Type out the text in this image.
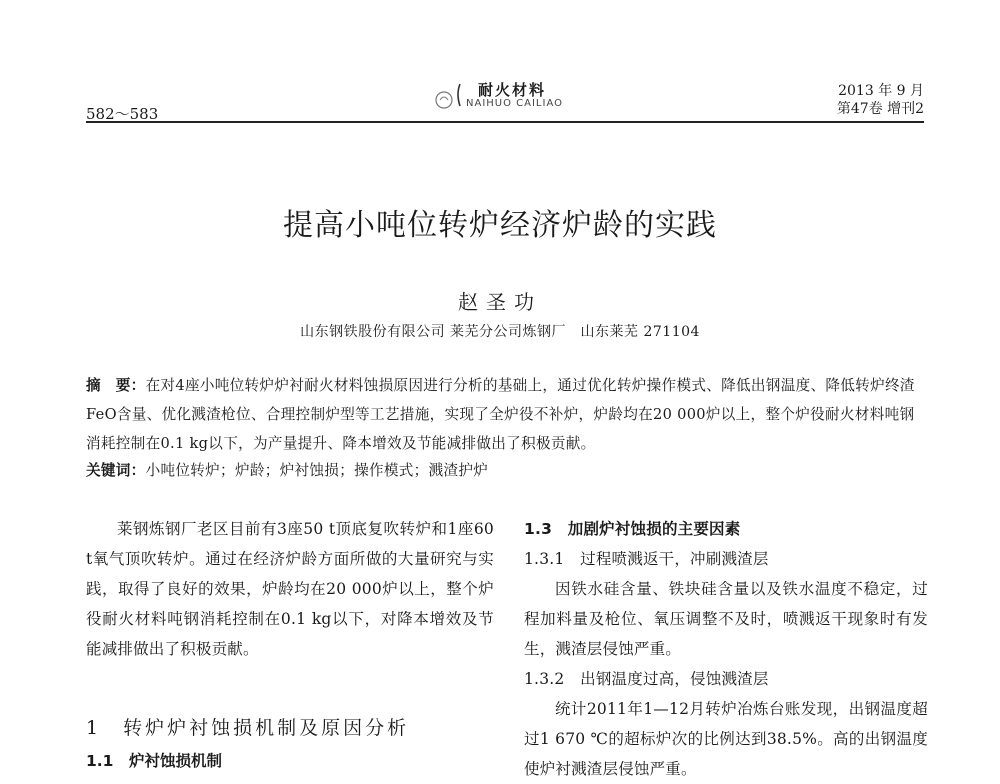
582～583
耐火材料
NAIHUO CAILIAO
2013 年 9 月
第47卷 增刊2
提高小吨位转炉经济炉龄的实践
赵圣功
山东钢铁股份有限公司 莱芜分公司炼钢厂　山东莱芜 271104
摘　要：在对4座小吨位转炉炉衬耐火材料蚀损原因进行分析的基础上，通过优化转炉操作模式、降低出钢温度、降低转炉终渣FeO含量、优化溅渣枪位、合理控制炉型等工艺措施，实现了全炉役不补炉，炉龄均在20 000炉以上，整个炉役耐火材料吨钢消耗控制在0.1 kg以下，为产量提升、降本增效及节能减排做出了积极贡献。
关键词：小吨位转炉；炉龄；炉衬蚀损；操作模式；溅渣护炉

莱钢炼钢厂老区目前有3座50 t顶底复吹转炉和1座60 t氧气顶吹转炉。通过在经济炉龄方面所做的大量研究与实践，取得了良好的效果，炉龄均在20 000炉以上，整个炉役耐火材料吨钢消耗控制在0.1 kg以下，对降本增效及节能减排做出了积极贡献。

1　转炉炉衬蚀损机制及原因分析
1.1　炉衬蚀损机制

1.3　加剧炉衬蚀损的主要因素

1.3.1　过程喷溅返干，冲刷溅渣层

因铁水硅含量、铁块硅含量以及铁水温度不稳定，过程加料量及枪位、氧压调整不及时，喷溅返干现象时有发生，溅渣层侵蚀严重。

1.3.2　出钢温度过高，侵蚀溅渣层

统计2011年1—12月转炉冶炼台账发现，出钢温度超过1 670 ℃的超标炉次的比例达到38.5%。高的出钢温度使炉衬溅渣层侵蚀严重。
